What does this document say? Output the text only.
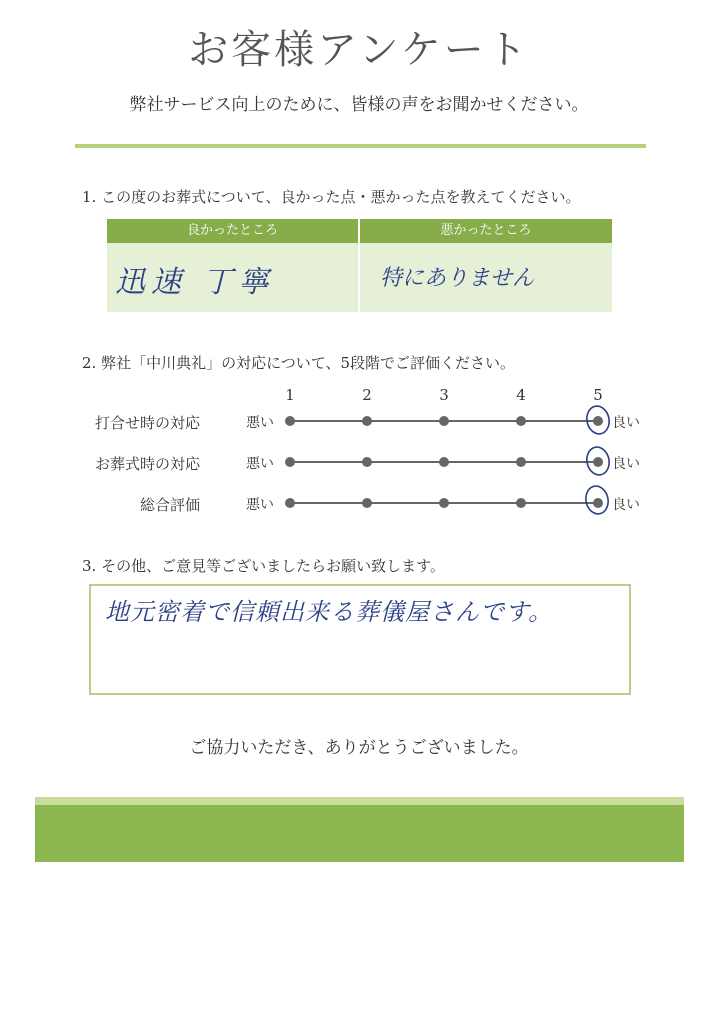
お客様アンケート
弊社サービス向上のために、皆様の声をお聞かせください。
1. この度のお葬式について、良かった点・悪かった点を教えてください。
良かったところ	悪かったところ
迅速 丁寧	特にありません
2. 弊社「中川典礼」の対応について、5段階でご評価ください。
1	2	3	4	5
打合せ時の対応	悪い	良い
お葬式時の対応	悪い	良い
総合評価	悪い	良い
3. その他、ご意見等ございましたらお願い致します。
地元密着で信頼出来る葬儀屋さんです。
ご協力いただき、ありがとうございました。
